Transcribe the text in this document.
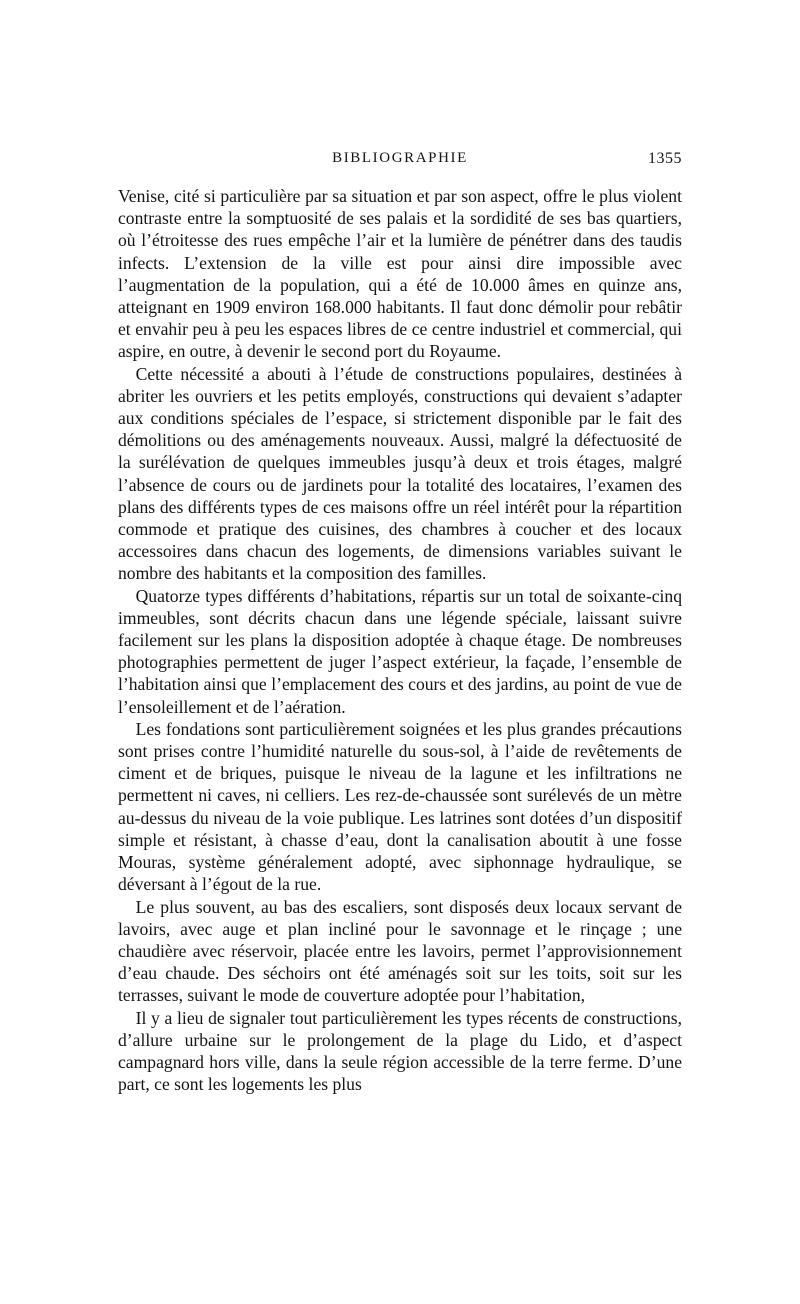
BIBLIOGRAPHIE	1355

Venise, cité si particulière par sa situation et par son aspect, offre le plus violent contraste entre la somptuosité de ses palais et la sordidité de ses bas quartiers, où l’étroitesse des rues empêche l’air et la lumière de pénétrer dans des taudis infects. L’extension de la ville est pour ainsi dire impossible avec l’augmentation de la population, qui a été de 10.000 âmes en quinze ans, atteignant en 1909 environ 168.000 habitants. Il faut donc démolir pour rebâtir et envahir peu à peu les espaces libres de ce centre industriel et commercial, qui aspire, en outre, à devenir le second port du Royaume.

Cette nécessité a abouti à l’étude de constructions populaires, destinées à abriter les ouvriers et les petits employés, constructions qui devaient s’adapter aux conditions spéciales de l’espace, si strictement disponible par le fait des démolitions ou des aménagements nouveaux. Aussi, malgré la défectuosité de la surélévation de quelques immeubles jusqu’à deux et trois étages, malgré l’absence de cours ou de jardinets pour la totalité des locataires, l’examen des plans des différents types de ces maisons offre un réel intérêt pour la répartition commode et pratique des cuisines, des chambres à coucher et des locaux accessoires dans chacun des logements, de dimensions variables suivant le nombre des habitants et la composition des familles.

Quatorze types différents d’habitations, répartis sur un total de soixante-cinq immeubles, sont décrits chacun dans une légende spéciale, laissant suivre facilement sur les plans la disposition adoptée à chaque étage. De nombreuses photographies permettent de juger l’aspect extérieur, la façade, l’ensemble de l’habitation ainsi que l’emplacement des cours et des jardins, au point de vue de l’ensoleillement et de l’aération.

Les fondations sont particulièrement soignées et les plus grandes précautions sont prises contre l’humidité naturelle du sous-sol, à l’aide de revêtements de ciment et de briques, puisque le niveau de la lagune et les infiltrations ne permettent ni caves, ni celliers. Les rez-de-chaussée sont surélevés de un mètre au-dessus du niveau de la voie publique. Les latrines sont dotées d’un dispositif simple et résistant, à chasse d’eau, dont la canalisation aboutit à une fosse Mouras, système généralement adopté, avec siphonnage hydraulique, se déversant à l’égout de la rue.

Le plus souvent, au bas des escaliers, sont disposés deux locaux servant de lavoirs, avec auge et plan incliné pour le savonnage et le rinçage ; une chaudière avec réservoir, placée entre les lavoirs, permet l’approvisionnement d’eau chaude. Des séchoirs ont été aménagés soit sur les toits, soit sur les terrasses, suivant le mode de couverture adoptée pour l’habitation,

Il y a lieu de signaler tout particulièrement les types récents de constructions, d’allure urbaine sur le prolongement de la plage du Lido, et d’aspect campagnard hors ville, dans la seule région accessible de la terre ferme. D’une part, ce sont les logements les plus
